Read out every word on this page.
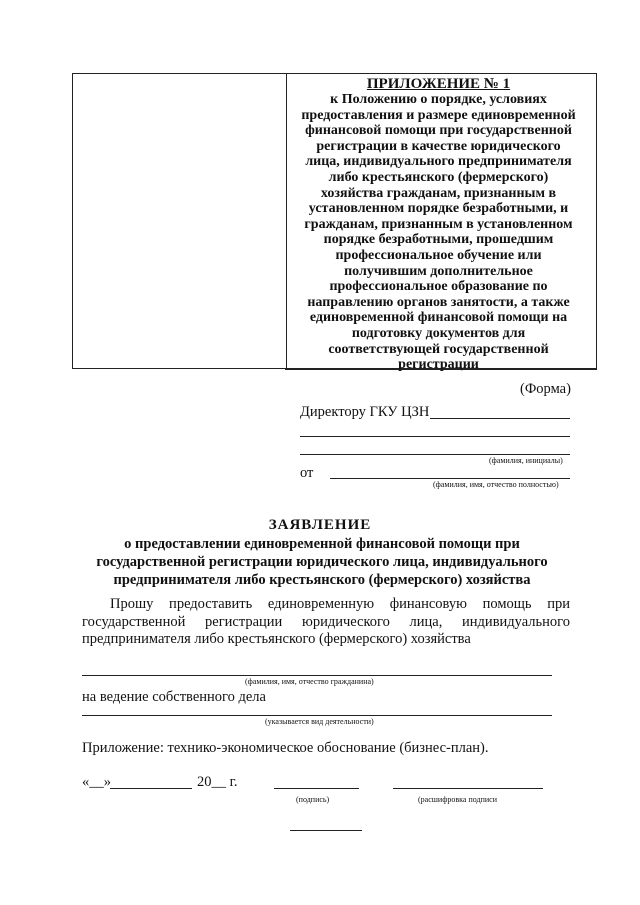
ПРИЛОЖЕНИЕ № 1
к Положению о порядке, условиях
предоставления и размере единовременной
финансовой помощи при государственной
регистрации в качестве юридического
лица, индивидуального предпринимателя
либо крестьянского (фермерского)
хозяйства гражданам, признанным в
установленном порядке безработными, и
гражданам, признанным в установленном
порядке безработными, прошедшим
профессиональное обучение или
получившим дополнительное
профессиональное образование по
направлению органов занятости, а также
единовременной финансовой помощи на
подготовку документов для
соответствующей государственной
регистрации
(Форма)
Директору ГКУ ЦЗН
(фамилия, инициалы)
от
(фамилия, имя, отчество полностью)
ЗАЯВЛЕНИЕ
о предоставлении единовременной финансовой помощи при государственной регистрации юридического лица, индивидуального предпринимателя либо крестьянского (фермерского) хозяйства
Прошу предоставить единовременную финансовую помощь при государственной регистрации юридического лица, индивидуального предпринимателя либо крестьянского (фермерского) хозяйства
(фамилия, имя, отчество гражданина)
на ведение собственного дела
(указывается вид деятельности)
Приложение: технико-экономическое обоснование (бизнес-план).
«__»	20__ г.
(подпись)	(расшифровка подписи
